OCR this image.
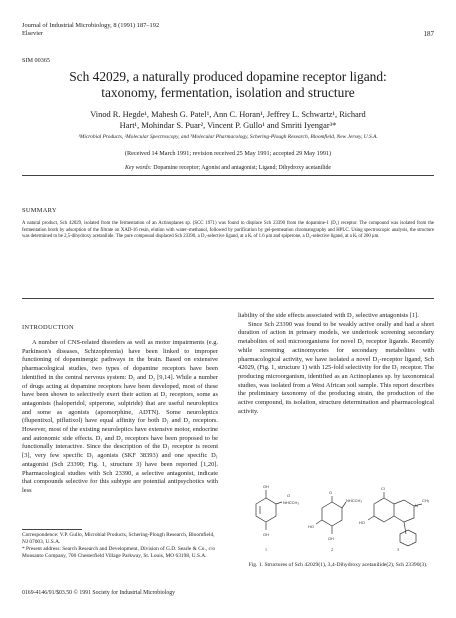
Journal of Industrial Microbiology, 8 (1991) 187–192
Elsevier	187
SIM 00365
Sch 42029, a naturally produced dopamine receptor ligand:
taxonomy, fermentation, isolation and structure
Vinod R. Hegde¹, Mahesh G. Patel¹, Ann C. Horan¹, Jeffrey L. Schwartz¹, Richard
Hart¹, Mohindar S. Puar², Vincent P. Gullo¹ and Smriti Iyengar³*
¹Microbial Products, ²Molecular Spectroscopy, and ³Molecular Pharmacology, Schering-Plough Research, Bloomfield, New Jersey, U.S.A.
(Received 14 March 1991; revision received 25 May 1991; accepted 29 May 1991)
Key words: Dopamine receptor; Agonist and antagonist; Ligand; Dihydroxy acetanilide
SUMMARY
A natural product, Sch 42029, isolated from the fermentation of an Actinoplanes sp. (SCC 1971) was found to displace Sch 23390 from the dopamine-1 (D₁) receptor. The compound was isolated from the fermentation broth by adsorption of the filtrate on XAD-16 resin, elution with water–methanol, followed by purification by gel-permeation chromatography and HPLC. Using spectroscopic analysis, the structure was determined to be 2,5-dihydroxy acetanilide. The pure compound displaced Sch 23390, a D₁-selective ligand, at a Kᵢ of 1.6 μm and spiperone, a D₂-selective ligand, at a Kᵢ of 200 μm.
INTRODUCTION

A number of CNS-related disorders as well as motor impairments (e.g. Parkinson's diseases, Schizophrenia) have been linked to improper functioning of dopaminergic pathways in the brain. Based on extensive pharmacological studies, two types of dopamine receptors have been identified in the central nervous system: D₁ and D₂ [9,14]. While a number of drugs acting at dopamine receptors have been developed, most of these have been shown to selectively exert their action at D₂ receptors, some as antagonists (haloperidol, spiperone, sulpiride) that are useful neuroleptics and some as agonists (apomorphine, ADTN). Some neuroleptics (flupentixol, piflutixol) have equal affinity for both D₁ and D₂ receptors. However, most of the existing neuroleptics have extensive motor, endocrine and autonomic side effects. D₁ and D₂ receptors have been proposed to be functionally interactive. Since the description of the D₁ receptor is recent [3], very few specific D₁ agonists (SKF 38393) and one specific D₁ antagonist (Sch 23390; Fig. 1, structure 3) have been reported [1,20]. Pharmacological studies with Sch 23390, a selective antagonist, indicate that compounds selective for this subtype are potential antipsychotics with less

liability of the side effects associated with D₂ selective antagonists [1].

Since Sch 23390 was found to be weakly active orally and had a short duration of action in primary models, we undertook screening secondary metabolites of soil microorganisms for novel D₁ receptor ligands. Recently while screening actinomycetes for secondary metabolites with pharmacological activity, we have isolated a novel D₁-receptor ligand, Sch 42029, (Fig. 1, structure 1) with 125-fold selectivity for the D₁ receptor. The producing microorganism, identified as an Actinoplanes sp. by taxonomical studies, was isolated from a West African soil sample. This report describes the preliminary taxonomy of the producing strain, the production of the active compound, its isolation, structure determination and pharmacological activity.

Correspondence: V.P. Gullo, Microbial Products, Schering-Plough Research, Bloomfield, NJ 07003, U.S.A.

* Present address: Search Research and Development, Division of G.D. Searle & Co., c/o Monsanto Company, 700 Chesterfield Village Parkway, St. Louis, MO 63198, U.S.A.

0169-4146/91/$03.50 © 1991 Society for Industrial Microbiology
OH
NHCCH₃
O
OH
O
NHCCH₃
HO
OH
Cl
HO
N
CH₃
1	2	3
Fig. 1. Structures of Sch 42029(1), 3,4-Dihydroxy acetanilide(2), Sch 23390(3).
